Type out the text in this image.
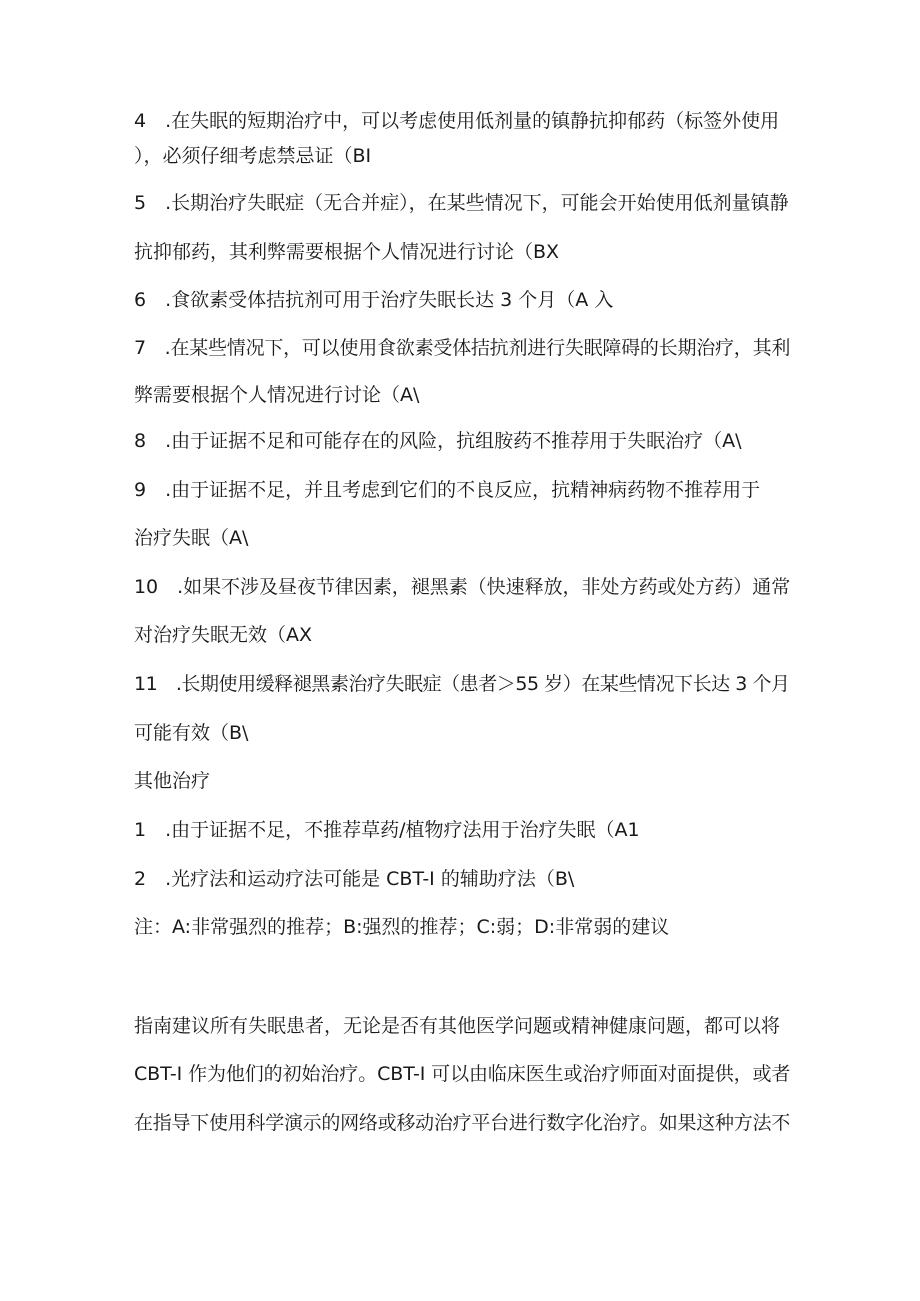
4　.在失眠的短期治疗中，可以考虑使用低剂量的镇静抗抑郁药（标签外使用
），必须仔细考虑禁忌证（BI
5　.长期治疗失眠症（无合并症），在某些情况下，可能会开始使用低剂量镇静
抗抑郁药，其利弊需要根据个人情况进行讨论（BX
6　.食欲素受体拮抗剂可用于治疗失眠长达 3 个月（A 入
7　.在某些情况下，可以使用食欲素受体拮抗剂进行失眠障碍的长期治疗，其利
弊需要根据个人情况进行讨论（A\
8　.由于证据不足和可能存在的风险，抗组胺药不推荐用于失眠治疗（A\
9　.由于证据不足，并且考虑到它们的不良反应，抗精神病药物不推荐用于
治疗失眠（A\
10　.如果不涉及昼夜节律因素，褪黑素（快速释放，非处方药或处方药）通常
对治疗失眠无效（AX
11　.长期使用缓释褪黑素治疗失眠症（患者＞55 岁）在某些情况下长达 3 个月
可能有效（B\
其他治疗
1　.由于证据不足，不推荐草药/植物疗法用于治疗失眠（A1
2　.光疗法和运动疗法可能是 CBT-I 的辅助疗法（B\
注：A:非常强烈的推荐；B:强烈的推荐；C:弱；D:非常弱的建议
指南建议所有失眠患者，无论是否有其他医学问题或精神健康问题，都可以将
CBT-I 作为他们的初始治疗。CBT-I 可以由临床医生或治疗师面对面提供，或者
在指导下使用科学演示的网络或移动治疗平台进行数字化治疗。如果这种方法不
